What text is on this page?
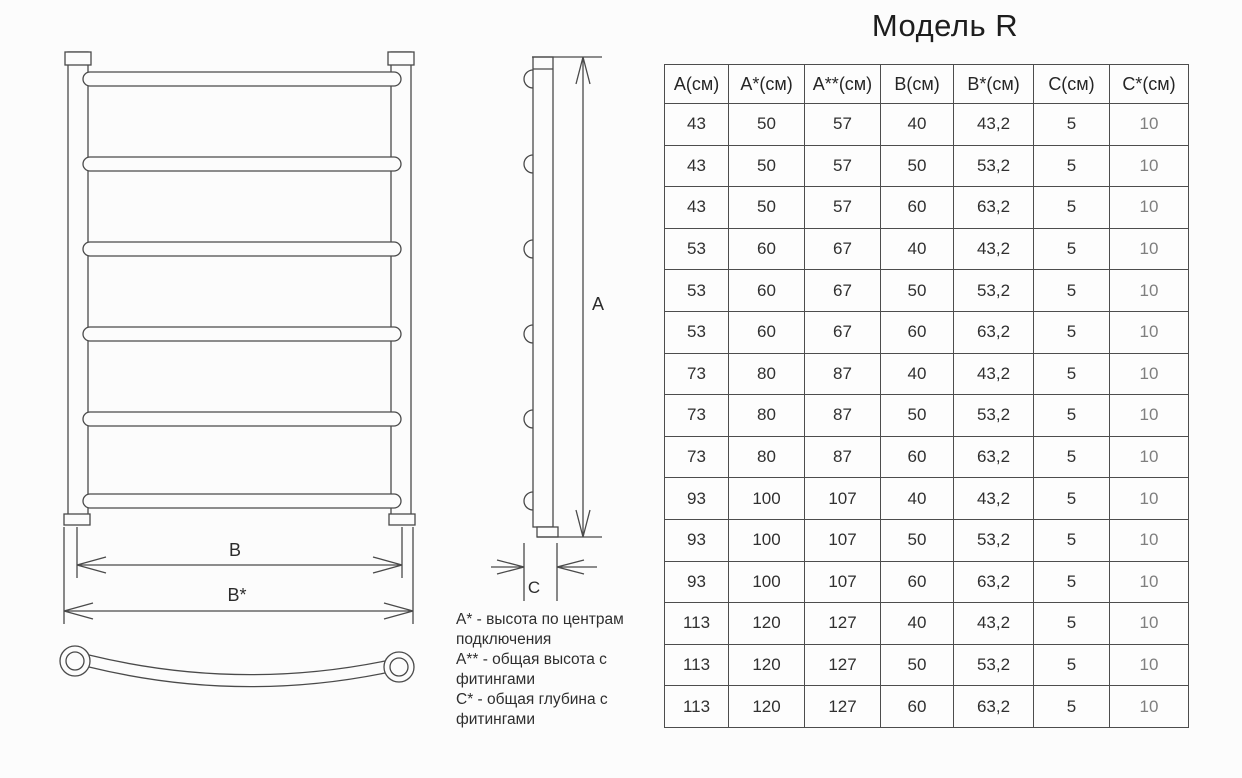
Модель R
В
В*
А
С
А(см)	А*(см)	А**(см)	В(см)	В*(см)	С(см)	С*(см)
43	50	57	40	43,2	5	10
43	50	57	50	53,2	5	10
43	50	57	60	63,2	5	10
53	60	67	40	43,2	5	10
53	60	67	50	53,2	5	10
53	60	67	60	63,2	5	10
73	80	87	40	43,2	5	10
73	80	87	50	53,2	5	10
73	80	87	60	63,2	5	10
93	100	107	40	43,2	5	10
93	100	107	50	53,2	5	10
93	100	107	60	63,2	5	10
113	120	127	40	43,2	5	10
113	120	127	50	53,2	5	10
113	120	127	60	63,2	5	10
А* - высота по центрам
подключения
А** - общая высота с
фитингами
С* - общая глубина с
фитингами
